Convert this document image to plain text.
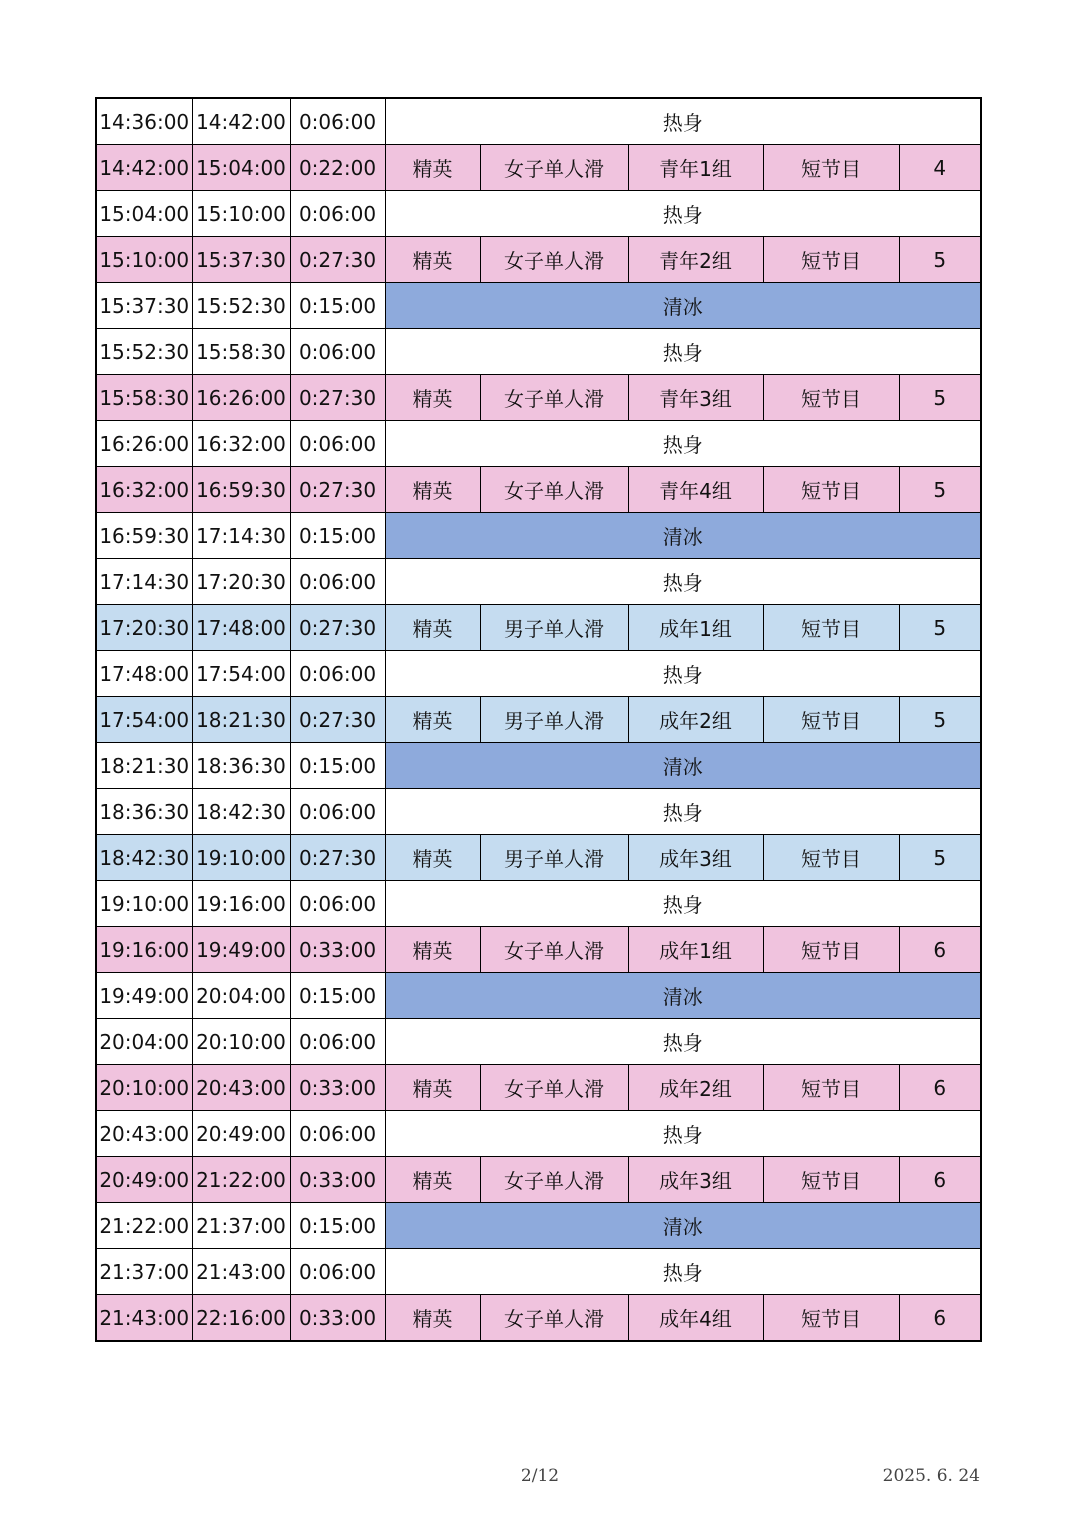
14:36:00	14:42:00	0:06:00	热身				
14:42:00	15:04:00	0:22:00	精英	女子单人滑	青年1组	短节目	4
15:04:00	15:10:00	0:06:00	热身				
15:10:00	15:37:30	0:27:30	精英	女子单人滑	青年2组	短节目	5
15:37:30	15:52:30	0:15:00	清冰				
15:52:30	15:58:30	0:06:00	热身				
15:58:30	16:26:00	0:27:30	精英	女子单人滑	青年3组	短节目	5
16:26:00	16:32:00	0:06:00	热身				
16:32:00	16:59:30	0:27:30	精英	女子单人滑	青年4组	短节目	5
16:59:30	17:14:30	0:15:00	清冰				
17:14:30	17:20:30	0:06:00	热身				
17:20:30	17:48:00	0:27:30	精英	男子单人滑	成年1组	短节目	5
17:48:00	17:54:00	0:06:00	热身				
17:54:00	18:21:30	0:27:30	精英	男子单人滑	成年2组	短节目	5
18:21:30	18:36:30	0:15:00	清冰				
18:36:30	18:42:30	0:06:00	热身				
18:42:30	19:10:00	0:27:30	精英	男子单人滑	成年3组	短节目	5
19:10:00	19:16:00	0:06:00	热身				
19:16:00	19:49:00	0:33:00	精英	女子单人滑	成年1组	短节目	6
19:49:00	20:04:00	0:15:00	清冰				
20:04:00	20:10:00	0:06:00	热身				
20:10:00	20:43:00	0:33:00	精英	女子单人滑	成年2组	短节目	6
20:43:00	20:49:00	0:06:00	热身				
20:49:00	21:22:00	0:33:00	精英	女子单人滑	成年3组	短节目	6
21:22:00	21:37:00	0:15:00	清冰				
21:37:00	21:43:00	0:06:00	热身				
21:43:00	22:16:00	0:33:00	精英	女子单人滑	成年4组	短节目	6
2/12	2025. 6. 24
